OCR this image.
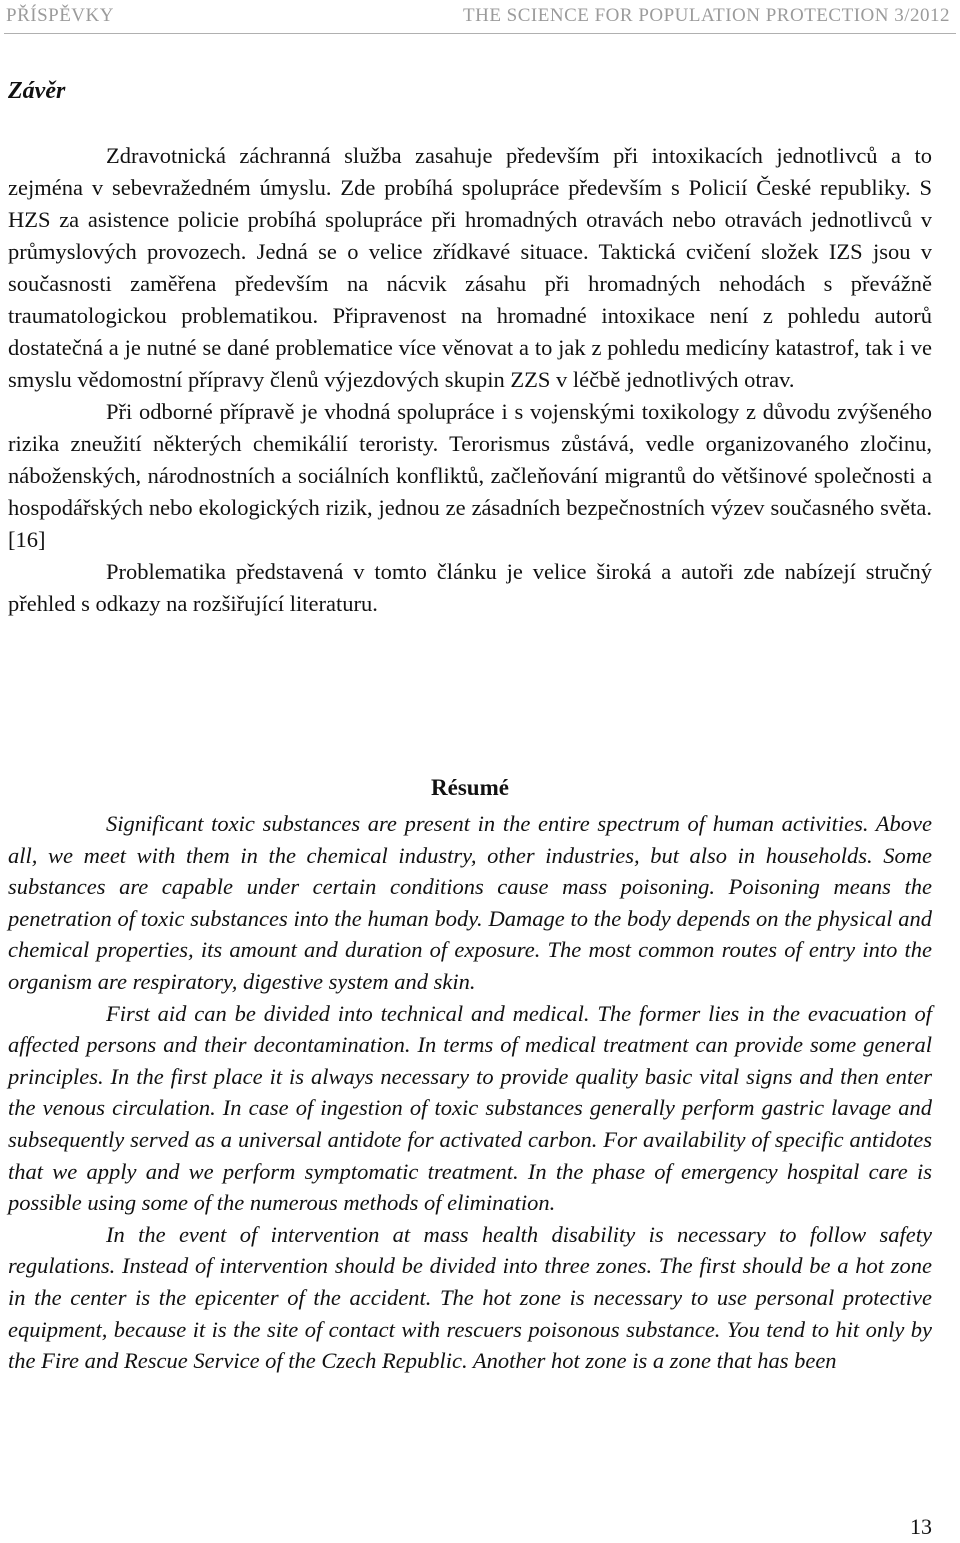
PŘÍSPĚVKY	THE SCIENCE FOR POPULATION PROTECTION 3/2012
Závěr

Zdravotnická záchranná služba zasahuje především při intoxikacích jednotlivců a to zejména v sebevražedném úmyslu. Zde probíhá spolupráce především s Policií České republiky. S HZS za asistence policie probíhá spolupráce při hromadných otravách nebo otravách jednotlivců v průmyslových provozech. Jedná se o velice zřídkavé situace. Taktická cvičení složek IZS jsou v současnosti zaměřena především na nácvik zásahu při hromadných nehodách s převážně traumatologickou problematikou. Připravenost na hromadné intoxikace není z pohledu autorů dostatečná a je nutné se dané problematice více věnovat a to jak z pohledu medicíny katastrof, tak i ve smyslu vědomostní přípravy členů výjezdových skupin ZZS v léčbě jednotlivých otrav.

Při odborné přípravě je vhodná spolupráce i s vojenskými toxikology z důvodu zvýšeného rizika zneužití některých chemikálií teroristy. Terorismus zůstává, vedle organizovaného zločinu, náboženských, národnostních a sociálních konfliktů, začleňování migrantů do většinové společnosti a hospodářských nebo ekologických rizik, jednou ze zásadních bezpečnostních výzev současného světa. [16]

Problematika představená v tomto článku je velice široká a autoři zde nabízejí stručný přehled s odkazy na rozšiřující literaturu.

Résumé

Significant toxic substances are present in the entire spectrum of human activities. Above all, we meet with them in the chemical industry, other industries, but also in households. Some substances are capable under certain conditions cause mass poisoning. Poisoning means the penetration of toxic substances into the human body. Damage to the body depends on the physical and chemical properties, its amount and duration of exposure. The most common routes of entry into the organism are respiratory, digestive system and skin.

First aid can be divided into technical and medical. The former lies in the evacuation of affected persons and their decontamination. In terms of medical treatment can provide some general principles. In the first place it is always necessary to provide quality basic vital signs and then enter the venous circulation. In case of ingestion of toxic substances generally perform gastric lavage and subsequently served as a universal antidote for activated carbon. For availability of specific antidotes that we apply and we perform symptomatic treatment. In the phase of emergency hospital care is possible using some of the numerous methods of elimination.

In the event of intervention at mass health disability is necessary to follow safety regulations. Instead of intervention should be divided into three zones. The first should be a hot zone in the center is the epicenter of the accident. The hot zone is necessary to use personal protective equipment, because it is the site of contact with rescuers poisonous substance. You tend to hit only by the Fire and Rescue Service of the Czech Republic. Another hot zone is a zone that has been

13
